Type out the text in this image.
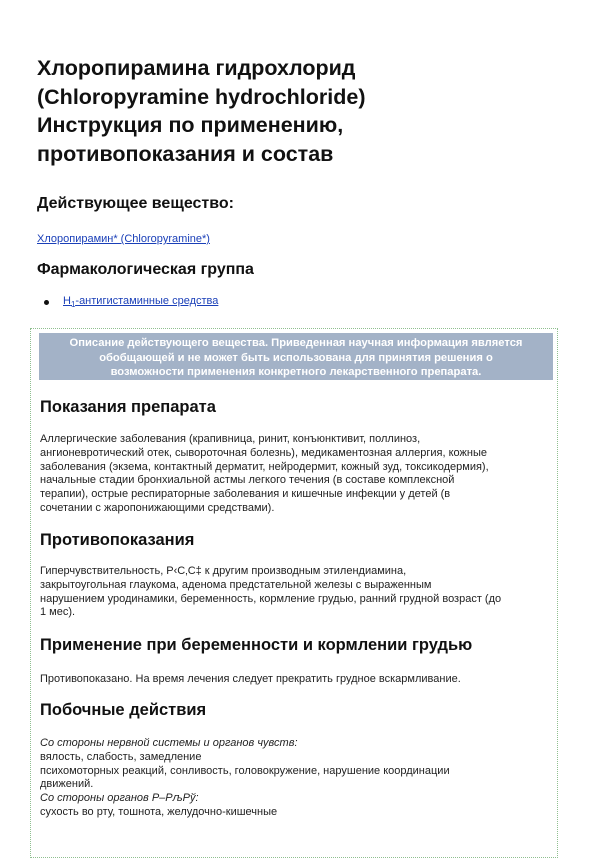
Хлоропирамина гидрохлорид
(Chloropyramine hydrochloride)
Инструкция по применению,
противопоказания и состав
Действующее вещество:
Хлоропирамин* (Chloropyramine*)
Фармакологическая группа
$H_1$-антигистаминные средства
Описание действующего вещества. Приведенная научная информация является
обобщающей и не может быть использована для принятия решения о
возможности применения конкретного лекарственного препарата.
Показания препарата

Аллергические заболевания (крапивница, ринит, конъюнктивит, поллиноз,
ангионевротический отек, сывороточная болезнь), медикаментозная аллергия, кожные
заболевания (экзема, контактный дерматит, нейродермит, кожный зуд, токсикодермия),
начальные стадии бронхиальной астмы легкого течения (в составе комплексной
терапии), острые респираторные заболевания и кишечные инфекции у детей (в
сочетании с жаропонижающими средствами).

Противопоказания

Гиперчувствительность, Р‹С‚С‡ к другим производным этилендиамина,
закрытоугольная глаукома, аденома предстательной железы с выраженным
нарушением уродинамики, беременность, кормление грудью, ранний грудной возраст (до
1 мес).

Применение при беременности и кормлении грудью

Противопоказано. На время лечения следует прекратить грудное вскармливание.

Побочные действия

Со стороны нервной системы и органов чувств:
вялость, слабость, замедление
психомоторных реакций, сонливость, головокружение, нарушение координации
движений.

Со стороны органов Р–РљРў:
сухость во рту, тошнота, желудочно-кишечные
